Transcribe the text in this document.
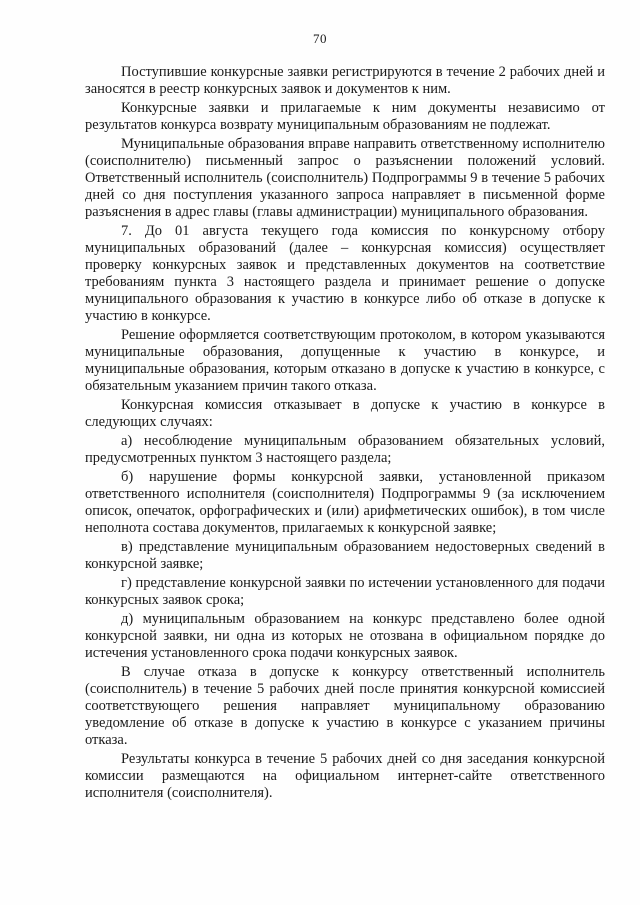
70

Поступившие конкурсные заявки регистрируются в течение 2 рабочих дней и заносятся в реестр конкурсных заявок и документов к ним.

Конкурсные заявки и прилагаемые к ним документы независимо от результатов конкурса возврату муниципальным образованиям не подлежат.

Муниципальные образования вправе направить ответственному исполнителю (соисполнителю) письменный запрос о разъяснении положений условий. Ответственный исполнитель (соисполнитель) Подпрограммы 9 в течение 5 рабочих дней со дня поступления указанного запроса направляет в письменной форме разъяснения в адрес главы (главы администрации) муниципального образования.

7. До 01 августа текущего года комиссия по конкурсному отбору муниципальных образований (далее – конкурсная комиссия) осуществляет проверку конкурсных заявок и представленных документов на соответствие требованиям пункта 3 настоящего раздела и принимает решение о допуске муниципального образования к участию в конкурсе либо об отказе в допуске к участию в конкурсе.

Решение оформляется соответствующим протоколом, в котором указываются муниципальные образования, допущенные к участию в конкурсе, и муниципальные образования, которым отказано в допуске к участию в конкурсе, с обязательным указанием причин такого отказа.

Конкурсная комиссия отказывает в допуске к участию в конкурсе в следующих случаях:

а) несоблюдение муниципальным образованием обязательных условий, предусмотренных пунктом 3 настоящего раздела;

б) нарушение формы конкурсной заявки, установленной приказом ответственного исполнителя (соисполнителя) Подпрограммы 9 (за исключением описок, опечаток, орфографических и (или) арифметических ошибок), в том числе неполнота состава документов, прилагаемых к конкурсной заявке;

в) представление муниципальным образованием недостоверных сведений в конкурсной заявке;

г) представление конкурсной заявки по истечении установленного для подачи конкурсных заявок срока;

д) муниципальным образованием на конкурс представлено более одной конкурсной заявки, ни одна из которых не отозвана в официальном порядке до истечения установленного срока подачи конкурсных заявок.

В случае отказа в допуске к конкурсу ответственный исполнитель (соисполнитель) в течение 5 рабочих дней после принятия конкурсной комиссией соответствующего решения направляет муниципальному образованию уведомление об отказе в допуске к участию в конкурсе с указанием причины отказа.

Результаты конкурса в течение 5 рабочих дней со дня заседания конкурсной комиссии размещаются на официальном интернет-сайте ответственного исполнителя (соисполнителя).
